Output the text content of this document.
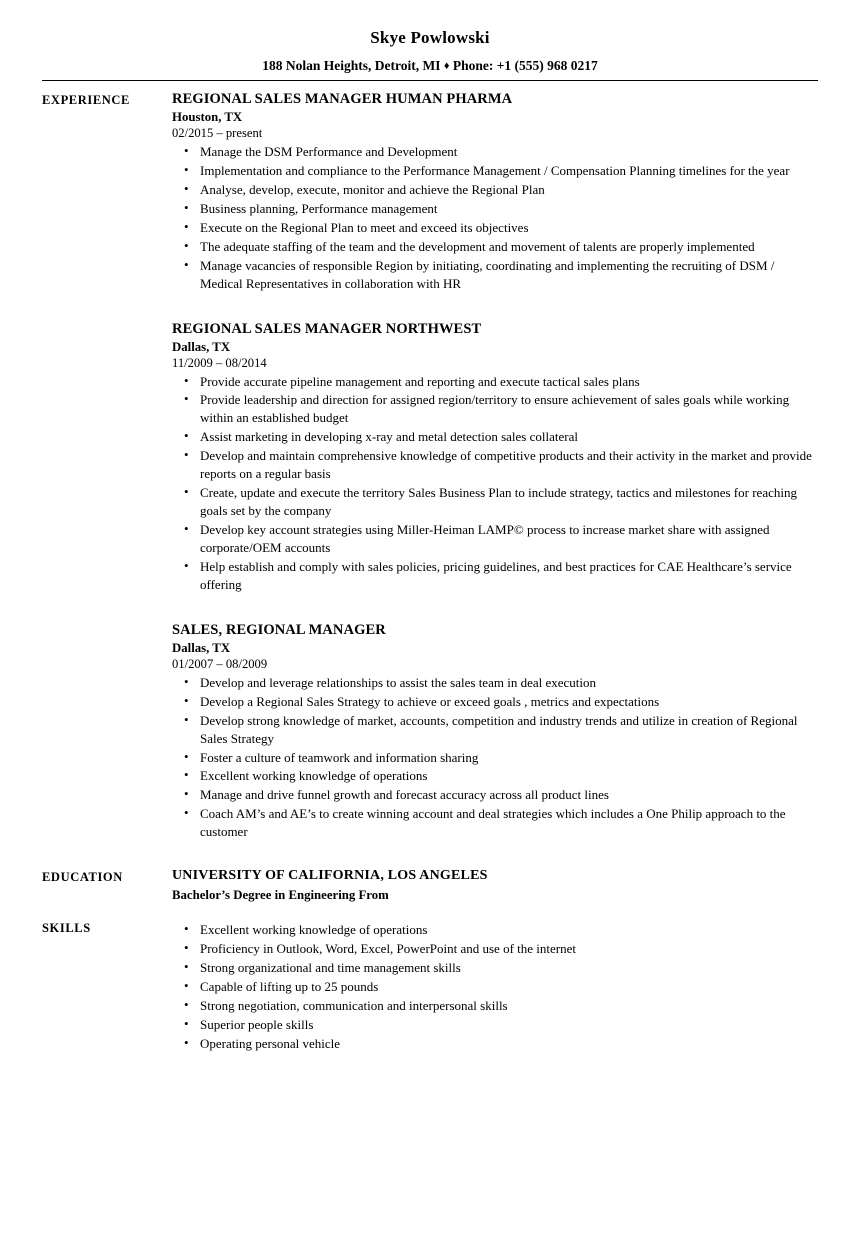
Skye Powlowski
188 Nolan Heights, Detroit, MI ♦ Phone: +1 (555) 968 0217
EXPERIENCE	REGIONAL SALES MANAGER HUMAN PHARMA
Houston, TX
02/2015 – present
• Manage the DSM Performance and Development
• Implementation and compliance to the Performance Management / Compensation Planning timelines for the year
• Analyse, develop, execute, monitor and achieve the Regional Plan
• Business planning, Performance management
• Execute on the Regional Plan to meet and exceed its objectives
• The adequate staffing of the team and the development and movement of talents are properly implemented
• Manage vacancies of responsible Region by initiating, coordinating and implementing the recruiting of DSM / Medical Representatives in collaboration with HR
REGIONAL SALES MANAGER NORTHWEST
Dallas, TX
11/2009 – 08/2014
• Provide accurate pipeline management and reporting and execute tactical sales plans
• Provide leadership and direction for assigned region/territory to ensure achievement of sales goals while working within an established budget
• Assist marketing in developing x-ray and metal detection sales collateral
• Develop and maintain comprehensive knowledge of competitive products and their activity in the market and provide reports on a regular basis
• Create, update and execute the territory Sales Business Plan to include strategy, tactics and milestones for reaching goals set by the company
• Develop key account strategies using Miller-Heiman LAMP© process to increase market share with assigned corporate/OEM accounts
• Help establish and comply with sales policies, pricing guidelines, and best practices for CAE Healthcare’s service offering
SALES, REGIONAL MANAGER
Dallas, TX
01/2007 – 08/2009
• Develop and leverage relationships to assist the sales team in deal execution
• Develop a Regional Sales Strategy to achieve or exceed goals , metrics and expectations
• Develop strong knowledge of market, accounts, competition and industry trends and utilize in creation of Regional Sales Strategy
• Foster a culture of teamwork and information sharing
• Excellent working knowledge of operations
• Manage and drive funnel growth and forecast accuracy across all product lines
• Coach AM’s and AE’s to create winning account and deal strategies which includes a One Philip approach to the customer
EDUCATION	UNIVERSITY OF CALIFORNIA, LOS ANGELES
Bachelor’s Degree in Engineering From
SKILLS	• Excellent working knowledge of operations
• Proficiency in Outlook, Word, Excel, PowerPoint and use of the internet
• Strong organizational and time management skills
• Capable of lifting up to 25 pounds
• Strong negotiation, communication and interpersonal skills
• Superior people skills
• Operating personal vehicle
